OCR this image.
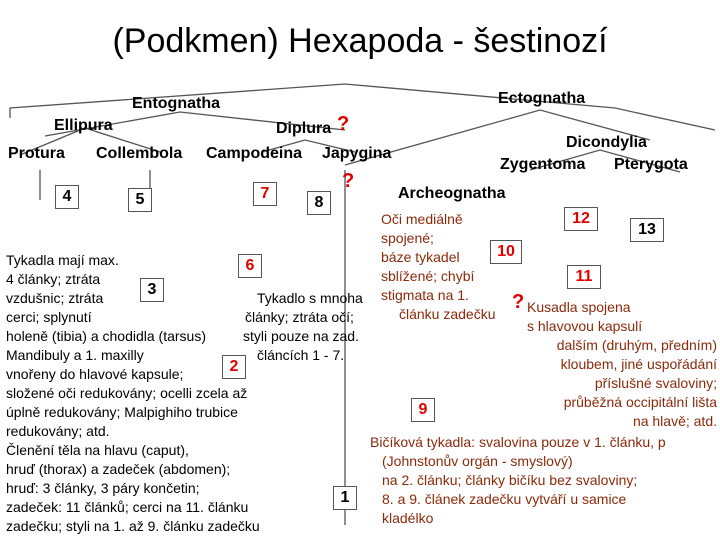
(Podkmen) Hexapoda - šestinozí
Entognatha	Ectognatha
Ellipura	Diplura ?
Protura Collembola Campodeina Japygina
Dicondylia
Zygentoma Pterygota
?
Archeognatha
4	5	7
8
12
13
10
6
11
3
?
2
9
1
Tykadla mají max.
4 články; ztráta
vzdušnic; ztráta
cerci; splynutí
holeně (tibia) a chodidla (tarsus)
Mandibuly a 1. maxilly
vnořeny do hlavové kapsule;
složené oči redukovány; ocelli zcela až
úplně redukovány; Malpighiho trubice
redukovány; atd.
Členění těla na hlavu (caput),
hruď (thorax) a zadeček (abdomen);
hruď: 3 články, 3 páry končetin;
zadeček: 11 článků; cerci na 11. článku
zadečku; styli na 1. až 9. článku zadečku
Tykadlo s mnoha
články; ztráta očí;
styli pouze na zad.
článcích 1 - 7.
Oči mediálně
spojené;
báze tykadel
sblížené; chybí
stigmata na 1.
článku zadečku Kusadla spojena
s hlavovou kapsulí
dalším (druhým, předním)
kloubem, jiné uspořádání
příslušné svaloviny;
průběžná occipitální lišta
na hlavě; atd.
Bičíková tykadla: svalovina pouze v 1. článku, p
(Johnstonův orgán - smyslový)
na 2. článku; články bičíku bez svaloviny;
8. a 9. článek zadečku vytváří u samice
kladélko
